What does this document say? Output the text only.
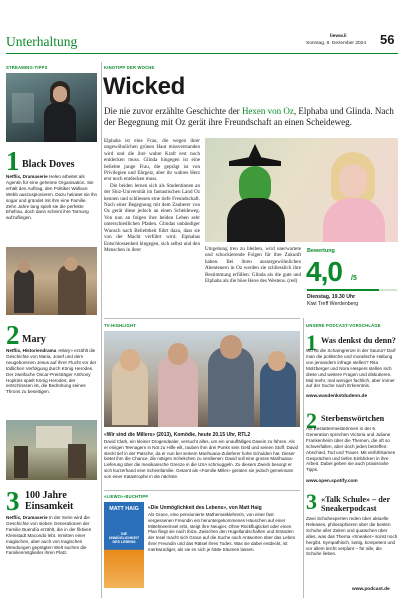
Unterhaltung	lieww.li
Sonntag, 8. Dezember 2024 56
STREAMING-TIPPS
1 Black Doves
Netflix, Dramaserie Helen arbeitet als Agentin für eine geheime Organisation. Sie erhält den Auftrag, den Politiker Wallace Webb auszuspionieren. Dazu heiratet sie ihn sogar und gründet mit ihm eine Familie. Zehn Jahre lang spielt sie die perfekte Ehefrau, doch dann scheint ihre Tarnung aufzufliegen.
2 Mary
Netflix, Historiendrama «Mary» erzählt die Geschichte von Maria, Josef und dem neugeborenen Jesus auf ihrer Flucht vor der tödlichen Verfolgung durch König Herodes. Der zweifache Oscar-Preisträger Anthony Hopkins spielt König Herodes, der entschlossen ist, die Bedrohung seines Throns zu beseitigen.
3 100 Jahre Einsamkeit
Netflix, Dramaserie In der Serie wird die Geschichte von sieben Generationen der Familie Buendía erzählt, die in der fiktiven Kleinstadt Macondo lebt. Inmitten einer magischen, aber auch von tragischen Wendungen geprägten Welt suchen die Familienmitglieder ihren Platz.
KINOTIPP DER WOCHE
Wicked
Die nie zuvor erzählte Geschichte der Hexen von Oz, Elphaba und Glinda. Nach der Begegnung mit Oz gerät ihre Freundschaft an einen Scheideweg.

Elphaba ist eine Frau, die wegen ihrer ungewöhnlichen grünen Haut missverstanden wird und die ihre wahre Kraft erst noch entdecken muss. Glinda hingegen ist eine beliebte junge Frau, die geprägt ist von Privilegien und Ehrgeiz, aber ihr wahres Herz erst noch entdecken muss.

Die beiden lernen sich als Studentinnen an der Shiz-Universität im fantastischen Land Oz kennen und schliessen eine tiefe Freundschaft. Nach einer Begegnung mit dem Zauberer von Oz gerät diese jedoch an einen Scheideweg. Von nun an folgen ihre beiden Leben sehr unterschiedlichen Pfaden. Glindas unbändiger Wunsch nach Beliebtheit führt dazu, dass sie von der Macht verführt wird. Elphabas Entschlossenheit hingegen, sich selbst und den Menschen in ihrer	Umgebung treu zu bleiben, wird unerwartete und schockierende Folgen für ihre Zukunft haben. Bei ihren aussergewöhnlichen Abenteuern in Oz werden sie schliesslich ihre Bestimmung erfüllen: Glinda als die gute und Elphaba als die böse Hexe des Westens. (red)
Bewertung
4,0 /5
Dienstag, 19.30 Uhr
Kiwi Treff Werdenberg
TV-HIGHLIGHT
«Wir sind die Millers» (2013), Komödie, heute 20.15 Uhr, RTL2
David Clark, ein kleiner Drogendealer, versucht alles, um ein unauffälliges Dasein zu führen. Als er einigen Teenagern in Not zu Hilfe eilt, rauben ihm drei Punks sein Geld und seinen Stoff. David steckt tief in der Patsche, da er nun bei seinem Marihuana-Zulieferer hohe Schulden hat. Dieser bietet ihm die Chance, die nötigen Schekchen zu verdienen: David soll eine grosse Marihuana-Lieferung über die mexikanische Grenze in die USA schmuggeln. Zu diesem Zweck besorgt er sich kurzerhand eine Scheinfamilie. Getarnt als «Familie Miller» geraten sie jedoch gemeinsam von einer Katastrophe in die nächste.
«LIEWO»-BUCHTIPP
MATT HAIG
DIE UNMÖGLICHKEIT DES LEBENS
«Die Unmöglichkeit des Lebens», von Matt Haig
Als Grace, eine pensionierte Mathematiklehrerin, von einer fast vergessenen Freundin ein heruntergekommenes Häuschen auf einer Mittelmeerinsel erbt, steigt ihre Neugier. Ohne Rückflugticket oder einen Plan fliegt sie nach Ibiza. Zwischen den Hügellandschaften und Stränden der Insel macht sich Grace auf die Suche nach Antworten über das Leben ihrer Freundin und das Rätsel ihres Todes. Was sie dabei entdeckt, ist merkwürdiger, als sie es sich je hätte träumen lassen.
UNSERE PODCAST-VORSCHLÄGE
1 Was denkst du denn?
Wo ist die Schamgrenze in der Sauna? Darf man die politische und moralische Haltung von jemandem infrage stellen? Rita Molzberger und Nora Hespers stellen sich diese und weitere Fragen und diskutieren. Mal mehr, mal weniger fachlich, aber immer auf der Suche nach Erkenntnis.
www.wasdenkstdudenn.de
2 Sterbenswörtchen
Als Bestattermeisterinnen in der 6. Generation sprechen Victoria und Juliane Frankenheim über die Themen, die oft so schwerfallen, aber doch jeden betreffen: Abschied, Tod und Trauer. Mit einfühlsamen Gesprächen und tiefen Einblicken in ihre Arbeit. Dabei geben sie auch praxisnahe Tipps.
www.open.spotify.com
3 «Talk Schule» – der Sneakerpodcast
Zwei Schuhexperten reden über aktuelle Releases, philosophieren über die besten Schuhe aller Zeiten und quatschen über alles, was das Thema «Sneaker» sonst noch hergibt. Sympathisch, lustig, kompetent und vor allem leicht verplant – für alle, die Schuhe lieben.
www.podcast.de
